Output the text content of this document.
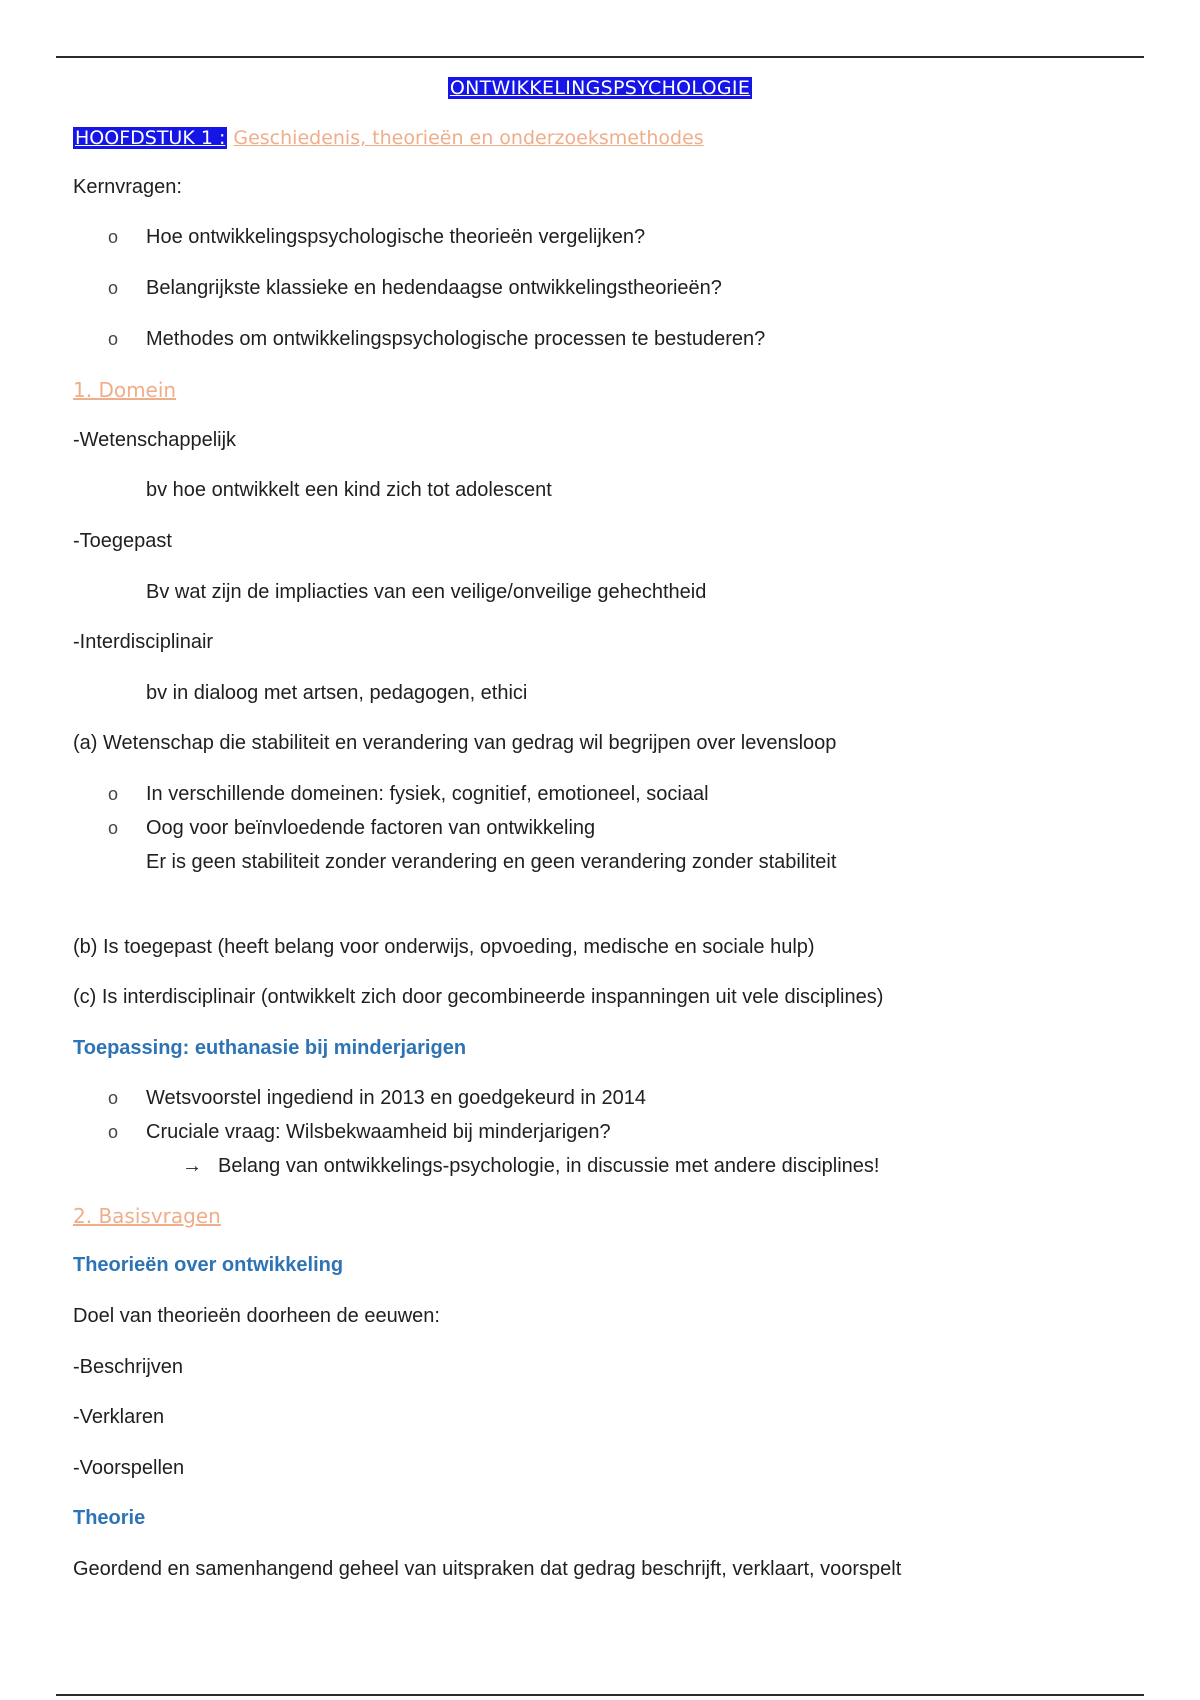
ONTWIKKELINGSPSYCHOLOGIE
HOOFDSTUK 1 : Geschiedenis, theorieën en onderzoeksmethodes
Kernvragen:
o Hoe ontwikkelingspsychologische theorieën vergelijken?
o Belangrijkste klassieke en hedendaagse ontwikkelingstheorieën?
o Methodes om ontwikkelingspsychologische processen te bestuderen?
1. Domein
-Wetenschappelijk
bv hoe ontwikkelt een kind zich tot adolescent
-Toegepast
Bv wat zijn de impliacties van een veilige/onveilige gehechtheid
-Interdisciplinair
bv in dialoog met artsen, pedagogen, ethici
(a) Wetenschap die stabiliteit en verandering van gedrag wil begrijpen over levensloop
o In verschillende domeinen: fysiek, cognitief, emotioneel, sociaal
o Oog voor beïnvloedende factoren van ontwikkeling
Er is geen stabiliteit zonder verandering en geen verandering zonder stabiliteit
(b) Is toegepast (heeft belang voor onderwijs, opvoeding, medische en sociale hulp)
(c) Is interdisciplinair (ontwikkelt zich door gecombineerde inspanningen uit vele disciplines)
Toepassing: euthanasie bij minderjarigen
o Wetsvoorstel ingediend in 2013 en goedgekeurd in 2014
o Cruciale vraag: Wilsbekwaamheid bij minderjarigen?
→ Belang van ontwikkelings-psychologie, in discussie met andere disciplines!
2. Basisvragen
Theorieën over ontwikkeling
Doel van theorieën doorheen de eeuwen:
-Beschrijven
-Verklaren
-Voorspellen
Theorie
Geordend en samenhangend geheel van uitspraken dat gedrag beschrijft, verklaart, voorspelt
